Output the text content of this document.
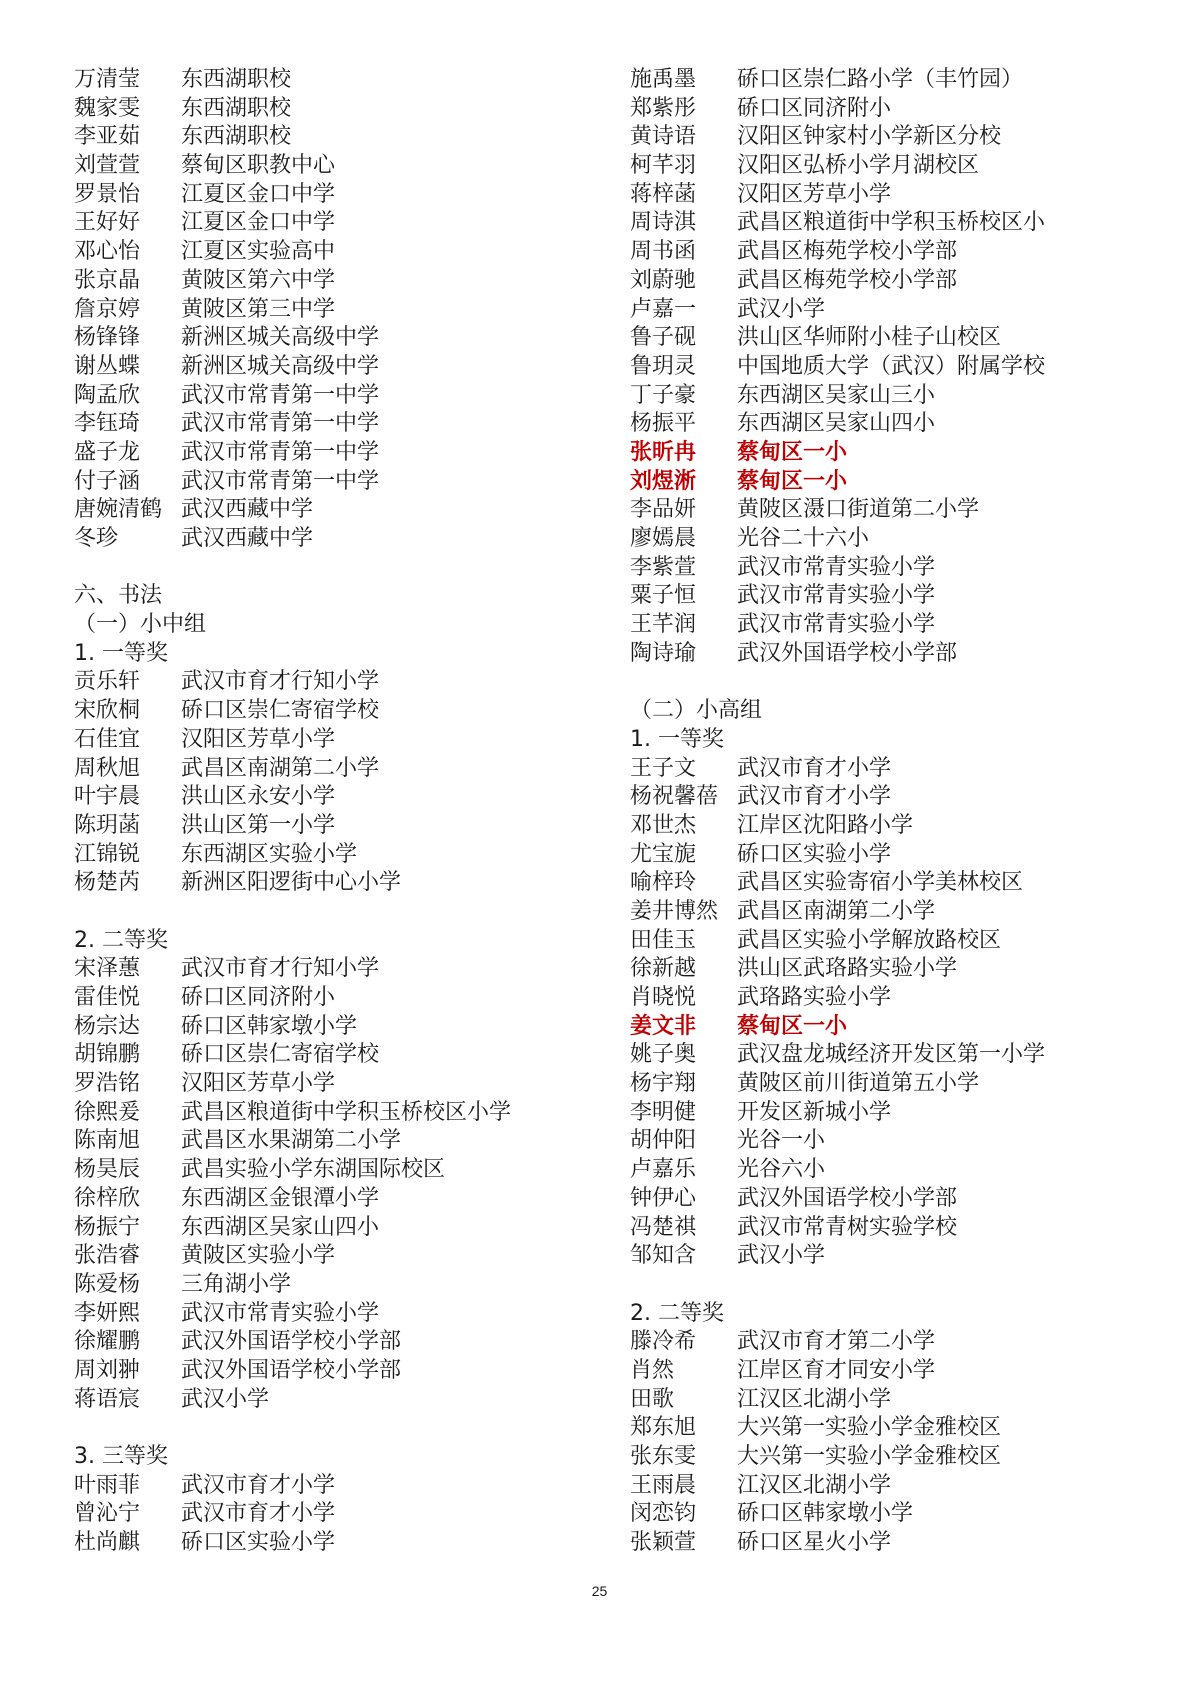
万清莹 东西湖职校
魏家雯 东西湖职校
李亚茹 东西湖职校
刘萱萱 蔡甸区职教中心
罗景怡 江夏区金口中学
王好好 江夏区金口中学
邓心怡 江夏区实验高中
张京晶 黄陂区第六中学
詹京婷 黄陂区第三中学
杨锋锋 新洲区城关高级中学
谢丛蝶 新洲区城关高级中学
陶孟欣 武汉市常青第一中学
李钰琦 武汉市常青第一中学
盛子龙 武汉市常青第一中学
付子涵 武汉市常青第一中学
唐婉清鹤 武汉西藏中学
冬珍	武汉西藏中学
六、书法
（一）小中组
1. 一等奖
贡乐轩 武汉市育才行知小学
宋欣桐 硚口区崇仁寄宿学校
石佳宜 汉阳区芳草小学
周秋旭 武昌区南湖第二小学
叶宇晨 洪山区永安小学
陈玥菡 洪山区第一小学
江锦锐 东西湖区实验小学
杨楚芮 新洲区阳逻街中心小学
2. 二等奖
宋泽蕙 武汉市育才行知小学
雷佳悦 硚口区同济附小
杨宗达 硚口区韩家墩小学
胡锦鹏 硚口区崇仁寄宿学校
罗浩铭 汉阳区芳草小学
徐熙爰 武昌区粮道街中学积玉桥校区小学
陈南旭 武昌区水果湖第二小学
杨昊辰 武昌实验小学东湖国际校区
徐梓欣 东西湖区金银潭小学
杨振宁 东西湖区吴家山四小
张浩睿 黄陂区实验小学
陈爱杨 三角湖小学
李妍熙 武汉市常青实验小学
徐耀鹏 武汉外国语学校小学部
周刘翀 武汉外国语学校小学部
蒋语宸 武汉小学
3. 三等奖
叶雨菲 武汉市育才小学
曾沁宁 武汉市育才小学
杜尚麒 硚口区实验小学
施禹墨 硚口区崇仁路小学（丰竹园）
郑紫彤 硚口区同济附小
黄诗语 汉阳区钟家村小学新区分校
柯芊羽 汉阳区弘桥小学月湖校区
蒋梓菡 汉阳区芳草小学
周诗淇 武昌区粮道街中学积玉桥校区小
周书函 武昌区梅苑学校小学部
刘蔚驰 武昌区梅苑学校小学部
卢嘉一 武汉小学
鲁子砚 洪山区华师附小桂子山校区
鲁玥灵 中国地质大学（武汉）附属学校
丁子豪 东西湖区吴家山三小
杨振平 东西湖区吴家山四小
张昕冉 蔡甸区一小
刘煜淅 蔡甸区一小
李品妍 黄陂区滠口街道第二小学
廖嫣晨 光谷二十六小
李紫萱 武汉市常青实验小学
粟子恒 武汉市常青实验小学
王芊润 武汉市常青实验小学
陶诗瑜 武汉外国语学校小学部
（二）小高组
1. 一等奖
王子文 武汉市育才小学
杨祝馨蓓 武汉市育才小学
邓世杰 江岸区沈阳路小学
尤宝旎 硚口区实验小学
喻梓玲 武昌区实验寄宿小学美林校区
姜井博然 武昌区南湖第二小学
田佳玉 武昌区实验小学解放路校区
徐新越 洪山区武珞路实验小学
肖晓悦 武珞路实验小学
姜文非 蔡甸区一小
姚子奥 武汉盘龙城经济开发区第一小学
杨宇翔 黄陂区前川街道第五小学
李明健 开发区新城小学
胡仲阳 光谷一小
卢嘉乐 光谷六小
钟伊心 武汉外国语学校小学部
冯楚祺 武汉市常青树实验学校
邹知含 武汉小学
2. 二等奖
滕冷希 武汉市育才第二小学
肖然	江岸区育才同安小学
田歌	江汉区北湖小学
郑东旭 大兴第一实验小学金雅校区
张东雯 大兴第一实验小学金雅校区
王雨晨 江汉区北湖小学
闵恋钧 硚口区韩家墩小学
张颖萱 硚口区星火小学
25
